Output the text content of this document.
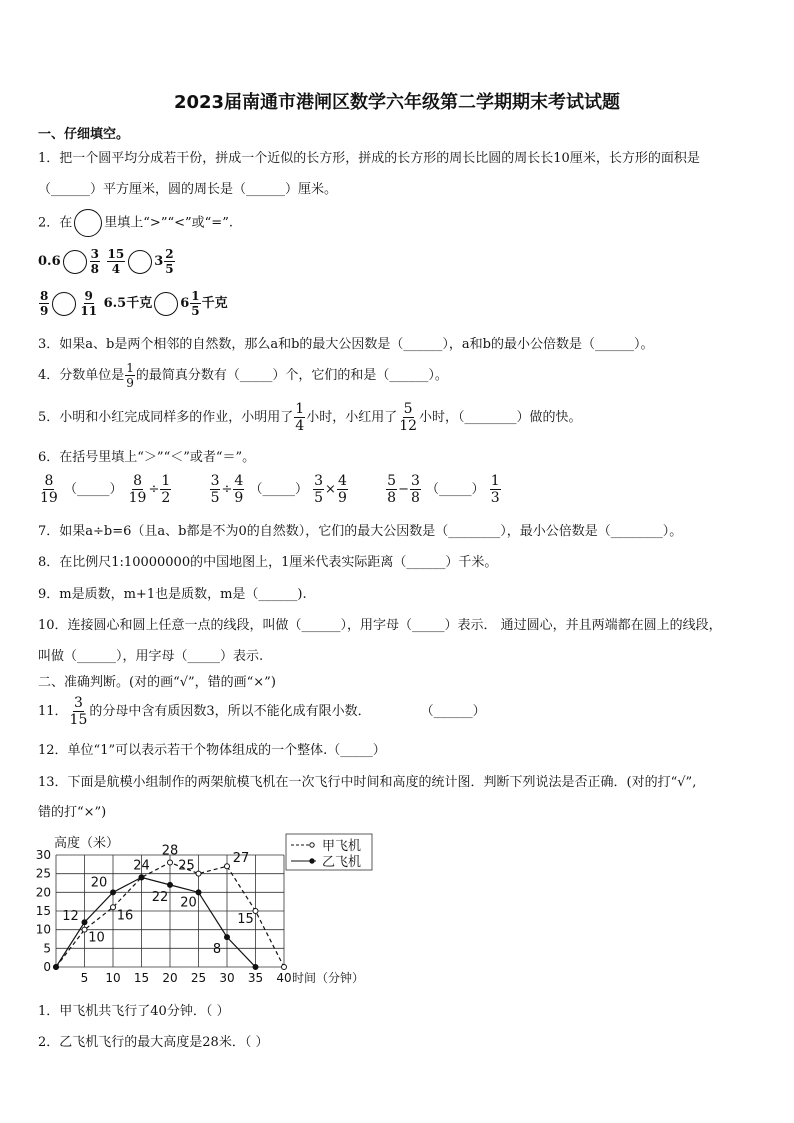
2023届南通市港闸区数学六年级第二学期期末考试试题
一、仔细填空。
1．把一个圆平均分成若干份，拼成一个近似的长方形，拼成的长方形的周长比圆的周长长10厘米，长方形的面积是
（______）平方厘米，圆的周长是（______）厘米。
2．在 里填上“>”“<”或“=”.
$0.6 \frac{3}{8}$
$\frac{15}{4} 3 \frac{2}{5}$
$\frac{8}{9}$	$\frac{9}{11} 6.5$千克 $6 \frac{1}{5}$ 千克
3．如果a、b是两个相邻的自然数，那么a和b的最大公因数是（______），a和b的最小公倍数是（______）。
4．分数单位是 $\frac{1}{9}$ 的最简真分数有（_____）个，它们的和是（______）。
5．小明和小红完成同样多的作业，小明用了 $\frac{1}{4}$ 小时，小红用了 $\frac{5}{12}$ 小时，（________）做的快。
6．在括号里填上“＞”“＜”或者“＝”。
$\frac{8}{19}$ （_____） $\frac{8}{19} \div \frac{1}{2}$
	$\frac{3}{5} \div \frac{4}{9}$ （_____） $\frac{3}{5} \times \frac{4}{9}$
	$\frac{5}{8} - \frac{3}{8}$ （_____） $\frac{1}{3}$
7．如果a÷b=6（且a、b都是不为0的自然数），它们的最大公因数是（________），最小公倍数是（________）。
8．在比例尺1:10000000的中国地图上，1厘米代表实际距离（______）千米。
9．m是质数，m+1也是质数，m是（______).
10．连接圆心和圆上任意一点的线段，叫做（______），用字母（_____）表示． 通过圆心，并且两端都在圆上的线段，
叫做（______），用字母（_____）表示.
二、准确判断。(对的画“√”，错的画“×”)
11． $\frac{3}{15}$ 的分母中含有质因数3，所以不能化成有限小数．	（______）
12．单位“1”可以表示若干个物体组成的一个整体.（_____）
13．下面是航模小组制作的两架航模飞机在一次飞行中时间和高度的统计图．判断下列说法是否正确．(对的打“√”,
错的打“×”)
0
5
10
15
20
25
30
5 10 15 20 25 30 35 40
高度（米）
时间（分钟）
10
16
24
28
25	27
15
12
20
22 20
8
甲飞机
乙飞机
1．甲飞机共飞行了40分钟．（ ）
2．乙飞机飞行的最大高度是28米．（ ）
